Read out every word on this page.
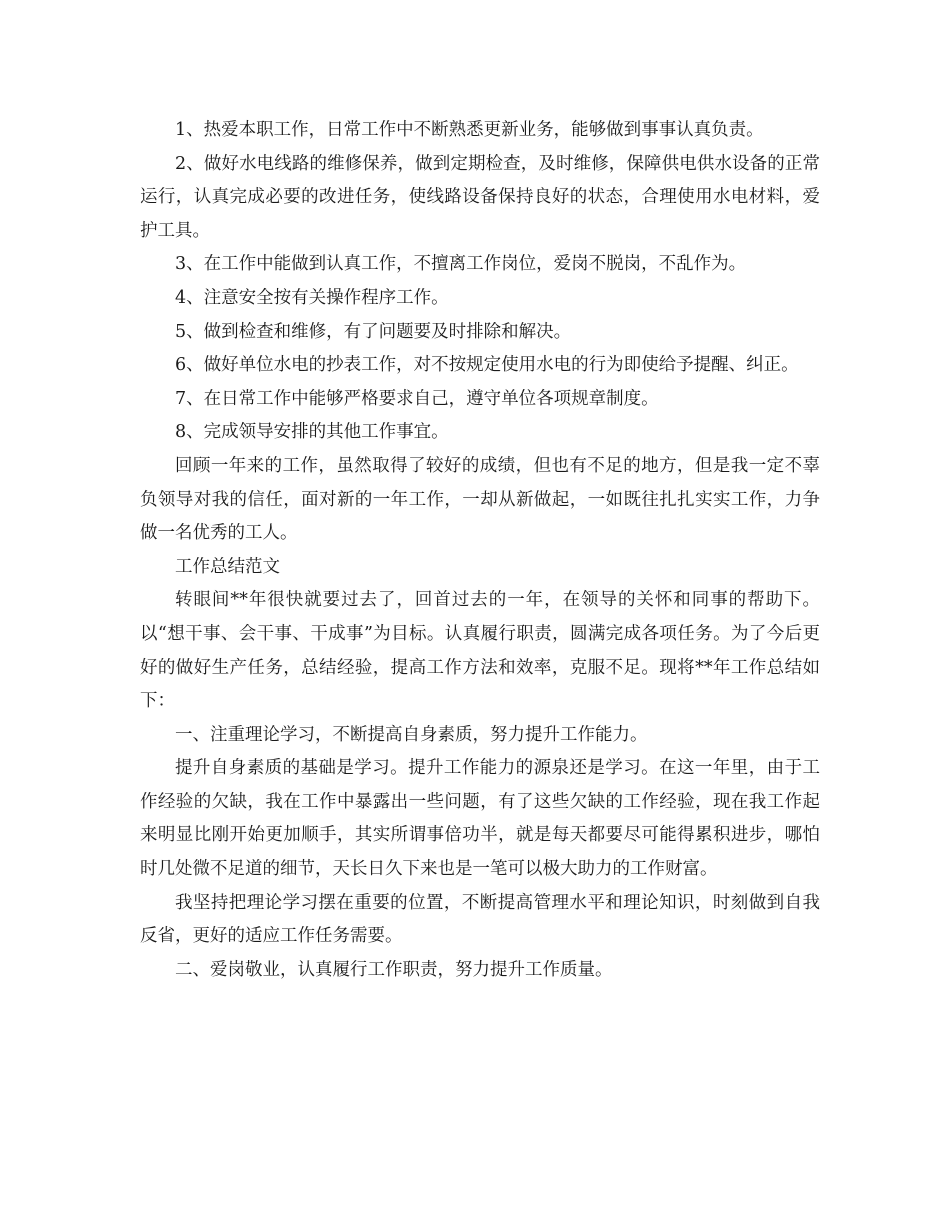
1、热爱本职工作，日常工作中不断熟悉更新业务，能够做到事事认真负责。

2、做好水电线路的维修保养，做到定期检查，及时维修，保障供电供水设备的正常运行，认真完成必要的改进任务，使线路设备保持良好的状态，合理使用水电材料，爱护工具。

3、在工作中能做到认真工作，不擅离工作岗位，爱岗不脱岗，不乱作为。

4、注意安全按有关操作程序工作。

5、做到检查和维修，有了问题要及时排除和解决。

6、做好单位水电的抄表工作，对不按规定使用水电的行为即使给予提醒、纠正。

7、在日常工作中能够严格要求自己，遵守单位各项规章制度。

8、完成领导安排的其他工作事宜。

回顾一年来的工作，虽然取得了较好的成绩，但也有不足的地方，但是我一定不辜负领导对我的信任，面对新的一年工作，一却从新做起，一如既往扎扎实实工作，力争做一名优秀的工人。

工作总结范文

转眼间**年很快就要过去了，回首过去的一年，在领导的关怀和同事的帮助下。以“想干事、会干事、干成事”为目标。认真履行职责，圆满完成各项任务。为了今后更好的做好生产任务，总结经验，提高工作方法和效率，克服不足。现将**年工作总结如下：

一、注重理论学习，不断提高自身素质，努力提升工作能力。

提升自身素质的基础是学习。提升工作能力的源泉还是学习。在这一年里，由于工作经验的欠缺，我在工作中暴露出一些问题，有了这些欠缺的工作经验，现在我工作起来明显比刚开始更加顺手，其实所谓事倍功半，就是每天都要尽可能得累积进步，哪怕时几处微不足道的细节，天长日久下来也是一笔可以极大助力的工作财富。

我坚持把理论学习摆在重要的位置，不断提高管理水平和理论知识，时刻做到自我反省，更好的适应工作任务需要。

二、爱岗敬业，认真履行工作职责，努力提升工作质量。
